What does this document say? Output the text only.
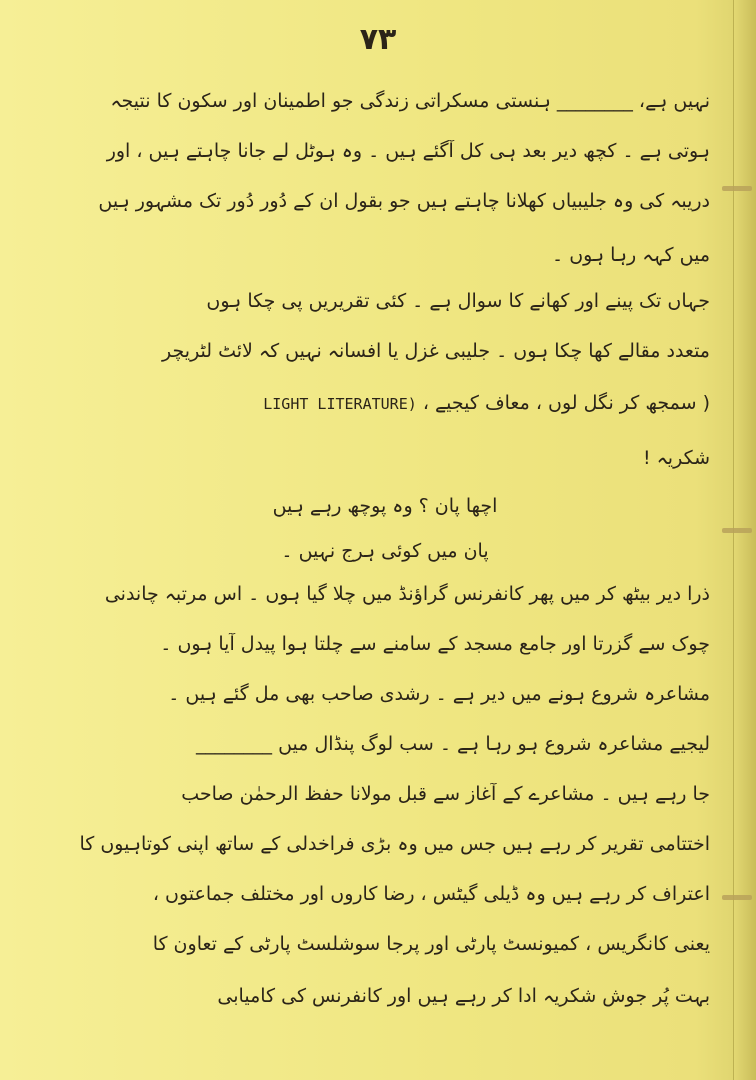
۷۳
نہیں ہے، ________ ہنستی مسکراتی زندگی جو اطمینان اور سکون کا نتیجہ
ہوتی ہے ۔ کچھ دیر بعد ہی کل آگئے ہیں ۔ وہ ہوٹل لے جانا چاہتے ہیں ، اور
دریبہ کی وہ جلیبیاں کھلانا چاہتے ہیں جو بقول ان کے دُور دُور تک مشہور ہیں
میں کہہ رہا ہوں ۔
جہاں تک پینے اور کھانے کا سوال ہے ۔ کئی تقریریں پی چکا ہوں
متعدد مقالے کھا چکا ہوں ۔ جلیبی غزل یا افسانہ نہیں کہ لائٹ لٹریچر
( سمجھ کر نگل لوں ، معاف کیجیے ، LIGHT LITERATURE)
شکریہ !
اچھا پان ؟ وہ پوچھ رہے ہیں
پان میں کوئی ہرج نہیں ۔
ذرا دیر بیٹھ کر میں پھر کانفرنس گراؤنڈ میں چلا گیا ہوں ۔ اس مرتبہ چاندنی
چوک سے گزرتا اور جامع مسجد کے سامنے سے چلتا ہوا پیدل آیا ہوں ۔
مشاعرہ شروع ہونے میں دیر ہے ۔ رشدی صاحب بھی مل گئے ہیں ۔
لیجیے مشاعرہ شروع ہو رہا ہے ۔ سب لوگ پنڈال میں ________
جا رہے ہیں ۔ مشاعرے کے آغاز سے قبل مولانا حفظ الرحمٰن صاحب
اختتامی تقریر کر رہے ہیں جس میں وہ بڑی فراخدلی کے ساتھ اپنی کوتاہیوں کا
اعتراف کر رہے ہیں وہ ڈیلی گیٹس ، رضا کاروں اور مختلف جماعتوں ،
یعنی کانگریس ، کمیونسٹ پارٹی اور پرجا سوشلسٹ پارٹی کے تعاون کا
بہت پُر جوش شکریہ ادا کر رہے ہیں اور کانفرنس کی کامیابی
